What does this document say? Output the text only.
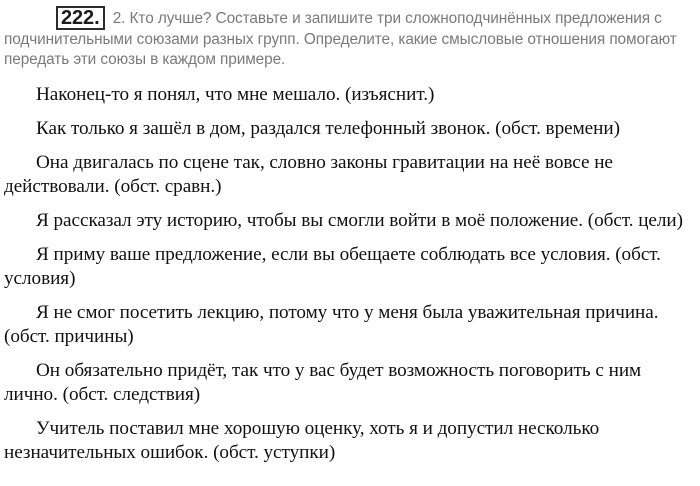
222. 2. Кто лучше? Составьте и запишите три сложноподчинённых предложения с подчинительными союзами разных групп. Определите, какие смысловые отношения помогают передать эти союзы в каждом примере.
Наконец-то я понял, что мне мешало. (изъяснит.)
Как только я зашёл в дом, раздался телефонный звонок. (обст. времени)
Она двигалась по сцене так, словно законы гравитации на неё вовсе не действовали. (обст. сравн.)
Я рассказал эту историю, чтобы вы смогли войти в моё положение. (обст. цели)
Я приму ваше предложение, если вы обещаете соблюдать все условия. (обст. условия)
Я не смог посетить лекцию, потому что у меня была уважительная причина. (обст. причины)
Он обязательно придёт, так что у вас будет возможность поговорить с ним лично. (обст. следствия)
Учитель поставил мне хорошую оценку, хоть я и допустил несколько незначительных ошибок. (обст. уступки)
